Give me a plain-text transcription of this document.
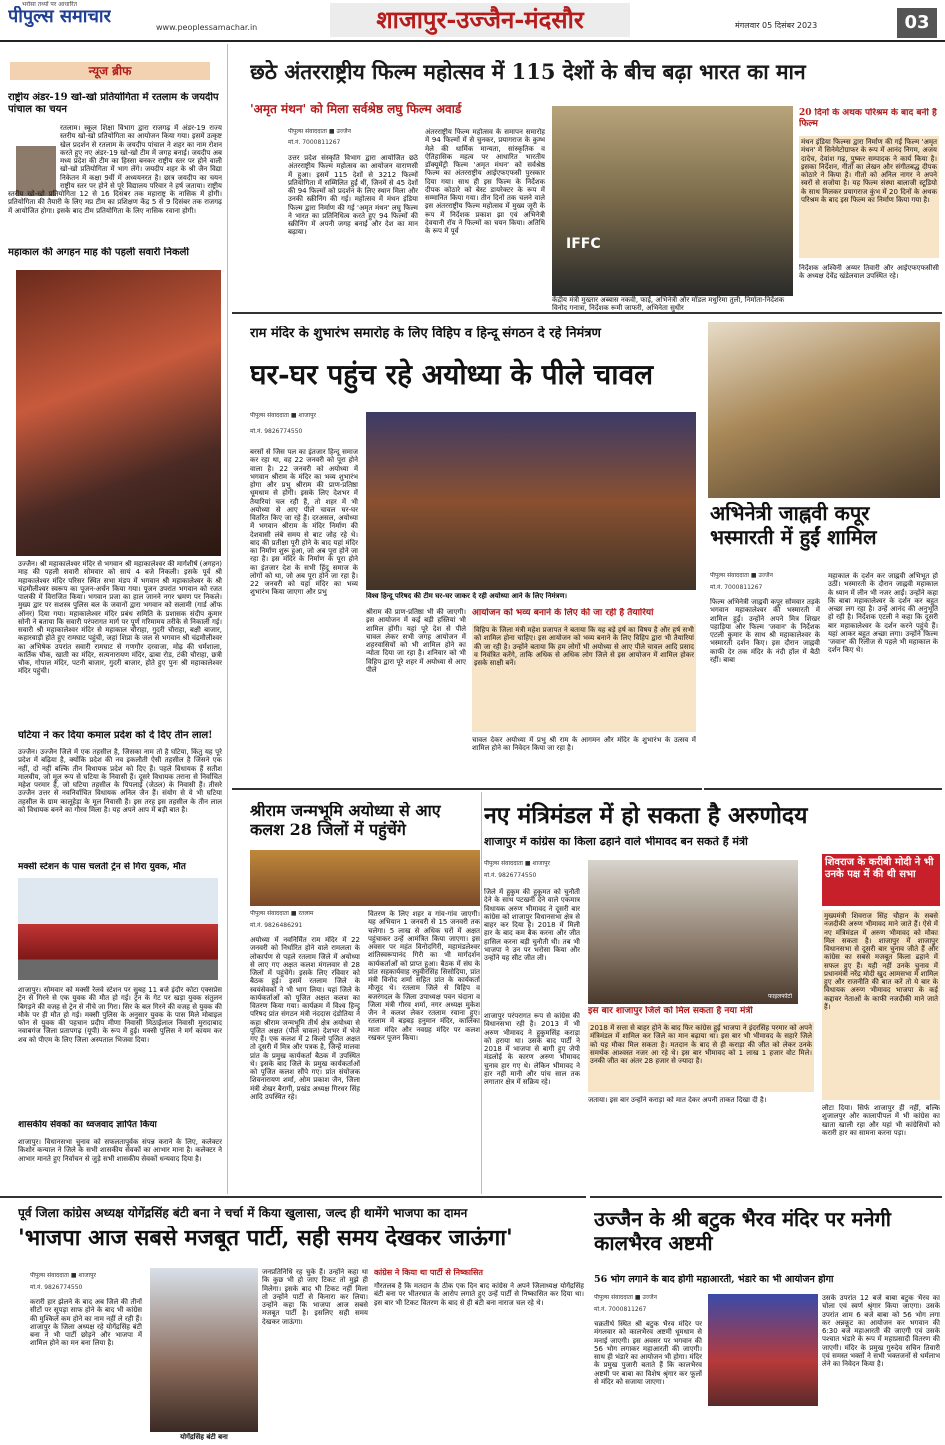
भरोसा तथ्यों पर आधारित
पीपुल्स समाचार
www.peoplessamachar.in	शाजापुर-उज्जैन-मंदसौर	मंगलवार 05 दिसंबर 2023	03
न्यूज ब्रीफ
राष्ट्रीय अंडर-19 खो-खो प्रतियोगिता में रतलाम के जयदीप पांचाल का चयन
रतलाम। स्कूल शिक्षा विभाग द्वारा राजगढ़ में अंडर-19 राज्य स्तरीय खो-खो प्रतियोगिता का आयोजन किया गया। इसमें उत्कृष्ट खेल प्रदर्शन से रतलाम के जयदीप पांचाल ने शहर का नाम रोशन करते हुए नए अंडर-19 खो-खो टीम में जगह बनाई। जयदीप अब मध्य प्रदेश की टीम का हिस्सा बनकर राष्ट्रीय स्तर पर होने वाली खो-खो प्रतियोगिता में भाग लेंगे। जयदीप शहर के श्री जैन विद्या निकेतन में कक्षा 9वीं में अध्ययनरत है। छात्र जयदीप का चयन राष्ट्रीय स्तर पर होने से पूरे विद्यालय परिवार ने हर्ष जताया। राष्ट्रीय स्तरीय खो-खो प्रतियोगिता 12 से 16 दिसंबर तक महाराष्ट्र के नासिक में होगी। प्रतियोगिता की तैयारी के लिए मप्र टीम का प्रशिक्षण केंद्र 5 से 9 दिसंबर तक राजगढ़ में आयोजित होगा। इसके बाद टीम प्रतियोगिता के लिए नासिक रवाना होगी।
महाकाल की अगहन माह की पहली सवारी निकली
उज्जैन। श्री महाकालेश्वर मंदिर से भगवान श्री महाकालेश्वर की मार्गशीर्ष (अगहन) माह की पहली सवारी सोमवार को सायं 4 बजे निकली। इसके पूर्व श्री महाकालेश्वर मंदिर परिसर स्थित सभा मंडप में भगवान श्री महाकालेश्वर के श्री चंद्रमौलीश्वर स्वरूप का पूजन-अर्चन किया गया। पूजन उपरांत भगवान को रजत पालकी में विराजित किया। भगवान प्रजा का हाल जानने नगर भ्रमण पर निकले। मुख्य द्वार पर सशस्त्र पुलिस बल के जवानों द्वारा भगवान को सलामी (गार्ड ऑफ ऑनर) दिया गया। महाकालेश्वर मंदिर प्रबंध समिति के प्रशासक संदीप कुमार सोनी ने बताया कि सवारी परंपरागत मार्ग पर पूर्ण गरिमामय तरीके से निकाली गई। सवारी श्री महाकालेश्वर मंदिर से महाकाल चौराहा, गुदरी चौराहा, बक्षी बाजार, कहारवाड़ी होते हुए रामघाट पहुंची, जहां शिप्रा के जल से भगवान श्री चंद्रमौलीश्वर का अभिषेक उपरांत सवारी रामघाट से गणगौर दरवाजा, मोढ़ की धर्मशाला, कार्तिक चौक, खाती का मंदिर, सत्यनारायण मंदिर, ढाबा रोड, टंकी चौराहा, छत्री चौक, गोपाल मंदिर, पटनी बाजार, गुदरी बाजार, होते हुए पुनः श्री महाकालेश्वर मंदिर पहुंची।
घटिया ने कर दिया कमाल प्रदेश को दे दिए तीन लाल!
उज्जैन। उज्जैन जिले में एक तहसील है, जिसका नाम तो है घटिया, किंतु यह पूरे प्रदेश में बढ़िया है, क्योंकि प्रदेश की नव इकलौती ऐसी तहसील है जिसने एक नहीं, दो नहीं बल्कि तीन विधायक प्रदेश को दिए हैं। पहले विधायक हैं सतीश मालवीय, जो मूल रूप से घटिया के निवासी हैं। दूसरे विधायक तराना से निर्वाचित महेश परमार हैं, जो घटिया तहसील के पिपलाई (जेठल) के निवासी हैं। तीसरे उज्जैन उत्तर से नवनिर्वाचित विधायक अनिल जैन हैं। संयोग से ये भी घटिया तहसील के ग्राम कालूहेड़ा के मूल निवासी हैं। इस तरह इस तहसील के तीन लाल को विधायक बनने का गौरव मिला है। यह अपने आप में बड़ी बात है।
मक्सी स्टेशन के पास चलती ट्रेन से गिरा युवक, मौत
शाजापुर। सोमवार को मक्सी रेलवे स्टेशन पर सुबह 11 बजे इंदौर कोटा एक्सप्रेस ट्रेन से गिरने से एक युवक की मौत हो गई। ट्रेन के गेट पर खड़ा युवक संतुलन बिगड़ने की वजह से ट्रेन से नीचे जा गिरा। सिर के बल गिरने की वजह से युवक की मौके पर ही मौत हो गई। मक्सी पुलिस के अनुसार युवक के पास मिले मोबाइल फोन से युवक की पहचान प्रदीप मीणा निवासी मिठाईलाल निवासी मुरादाबाद नवाबगंज जिला प्रतापगढ़ (यूपी) के रूप में हुई। मक्सी पुलिस ने मर्ग कायम कर शव को पीएम के लिए जिला अस्पताल भिजवा दिया।
शासकीय सेवकों का ध्वजवाद ज्ञापित किया
शाजापुर। विधानसभा चुनाव को सफलतापूर्वक संपन्न कराने के लिए, कलेक्टर किशोर कन्याल ने जिले के सभी शासकीय सेवकों का आभार माना है। कलेक्टर ने आभार मानते हुए निर्वाचन से जुड़े सभी शासकीय सेवकों धन्यवाद दिया है।
छठे अंतरराष्ट्रीय फिल्म महोत्सव में 115 देशों के बीच बढ़ा भारत का मान
'अमृत मंथन' को मिला सर्वश्रेष्ठ लघु फिल्म अवार्ड
पीपुल्स संवाददाता ■ उज्जैन
मो.नं. 7000811267
उत्तर प्रदेश संस्कृति विभाग द्वारा आयोजित छठे अंतरराष्ट्रीय फिल्म महोत्सव का आयोजन वाराणसी में हुआ। इसमें 115 देशों से 3212 फिल्मों प्रतियोगिता में सम्मिलित हुईं थीं, जिनमें से 45 देशों की 94 फिल्मों को प्रदर्शन के लिए स्थान मिला और उनकी स्क्रीनिंग की गई। महोत्सव में मंथन इंडिया फिल्म द्वारा निर्माण की गई 'अमृत मंथन' लघु फिल्म ने भारत का प्रतिनिधित्व करते हुए 94 फिल्मों की स्क्रीनिंग में अपनी जगह बनाई और देश का मान बढ़ाया।
अंतरराष्ट्रीय फिल्म महोत्सव के समापन समारोह में 94 फिल्मों में से चुनकर, प्रयागराज के कुम्भ मेले की धार्मिक मान्यता, सांस्कृतिक व ऐतिहासिक महत्व पर आधारित भारतीय डॉक्यूमेंट्री फिल्म 'अमृत मंथन' को सर्वश्रेष्ठ फिल्म का अंतरराष्ट्रीय आईएफएफसी पुरस्कार दिया गया। साथ ही इस फिल्म के निर्देशक दीपक कोठारे को बेस्ट डायरेक्टर के रूप में सम्मानित किया गया। तीन दिनों तक चलने वाले इस अंतरराष्ट्रीय फिल्म महोत्सव में मुख्य जूरी के रूप में निर्देशक प्रकाश झा एवं अभिनेत्री देवयानी रॉय ने फिल्मों का चयन किया। अतिथि के रूप में पूर्व
IFFC
केंद्रीय मंत्री मुख्तार अब्बास नकवी, फाईं, अभिनेत्री और मॉडल मधुरिमा तुली, निर्माता-निर्देशक विनोद गनात्रा, निर्देशक रूमी जाफरी, अभिनेता सुधीर
20 दिनों के अथक परिश्रम के बाद बनी है फिल्म
मंथन इंडिया फिल्म्स द्वारा निर्माण की गई फिल्म 'अमृत मंथन' में सिनेमेटोग्राफर के रूप में आनंद निगम, अजय दादेच, देवांश गढ़, पुष्कर सम्पादक ने कार्य किया है। इसका निर्देशन, गीतों का लेखन और संगीतबद्ध दीपक कोठारे ने किया है। गीतों को अनिल नागर ने अपने स्वरों से सजोया है। यह फिल्म संस्था बालाजी स्टूडियो के साथ मिलकर प्रयागराज कुंभ में 20 दिनों के अथक परिश्रम के बाद इस फिल्म का निर्माण किया गया है।
निर्देशक अश्विनी अय्यर तिवारी और आईएफएफसीसी के अध्यक्ष देवेंद्र खंडेलवाल उपस्थित रहे।
राम मंदिर के शुभारंभ समारोह के लिए विहिप व हिन्दू संगठन दे रहे निमंत्रण
घर-घर पहुंच रहे अयोध्या के पीले चावल
पीपुल्स संवाददाता ■ शाजापुर
मो.नं. 9826774550
बरसों से जिस पल का इंतजार हिन्दू समाज कर रहा था, वह 22 जनवरी को पूरा होने वाला है। 22 जनवरी को अयोध्या में भगवान श्रीराम के मंदिर का भव्य शुभारंभ होगा और प्रभु श्रीराम की प्राण-प्रतिष्ठा धूमधाम से होगी। इसके लिए देशभर में तैयारियां चल रही हैं, तो शहर में भी अयोध्या से आए पीले चावल घर-घर वितरित किए जा रहे हैं। दरअसल, अयोध्या में भगवान श्रीराम के मंदिर निर्माण की देशवासी लंबे समय से बाट जोह रहे थे। बाद की प्रतीक्षा पूरी होने के बाद यहां मंदिर का निर्माण शुरू हुआ, जो अब पूरा होने जा रहा है। इस मंदिर के निर्माण के पूरा होने का इंतजार देश के सभी हिंदू समाज के लोगों को था, जो अब पूरा होने जा रहा है। 22 जनवरी को यहां मंदिर का भव्य शुभारंभ किया जाएगा और प्रभु	विश्व हिन्दू परिषद की टीम घर-घर जाकर दे रही अयोध्या आने के लिए निमंत्रण।
श्रीराम की प्राण-प्रतिष्ठा भी की जाएगी। इस आयोजन में कई बड़ी हस्तियां भी शामिल होंगी। यहां पूरे देश से पीले चावल लेकर सभी जगह आयोजन में शहरवासियों को भी शामिल होने का न्योता दिया जा रहा है। शनिवार को भी विहिप द्वारा पूरे शहर में अयोध्या से आए पीले
आयोजन को भव्य बनाने के लिए की जा रही है तैयारियां
विहिप के जिला मंत्री महेश प्रजापत ने बताया कि यह बड़े हर्ष का विषय है और हर्ष सभी को शामिल होना चाहिए। इस आयोजन को भव्य बनाने के लिए विहिप द्वारा भी तैयारियां की जा रही है। उन्होंने बताया कि हम लोगों भी अयोध्या से आए पीले चावल आदि प्रसाद व निवंत्रित करेंगे, ताकि अधिक से अधिक लोग जिले से इस आयोजन में शामिल होकर इसके साक्षी बनें।
चावल देकर अयोध्या में प्रभु श्री राम के आगमन और मंदिर के शुभारंभ के उत्सव में शामिल होने का निवेदन किया जा रहा है।
अभिनेत्री जाह्नवी कपूर भस्मारती में हुईं शामिल
पीपुल्स संवाददाता ■ उज्जैन
मो.नं. 7000811267
फिल्म अभिनेत्री जाह्नवी कपूर सोमवार तड़के भगवान महाकालेश्वर की भस्मारती में शामिल हुईं। उन्होंने अपने मित्र शिखर पहाड़िया और फिल्म 'जवान' के निर्देशक एटली कुमार के साथ श्री महाकालेश्वर के भस्मारती दर्शन किए। इस दौरान जाह्नवी काफी देर तक मंदिर के नंदी हॉल में बैठी रहीं। बाबा
महाकाल के दर्शन कर जाह्नवी अभिभूत हो उठीं। भस्मारती के दौरान जाह्नवी महाकाल के ध्यान में लीन भी नजर आईं। उन्होंने कहा कि बाबा महाकालेश्वर के दर्शन कर बहुत अच्छा लग रहा है। उन्हें आनंद की अनुभूति हो रही है। निर्देशक एटली ने कहा कि दूसरी बार महाकालेश्वर के दर्शन करने पहुंचे हैं। यहां आकर बहुत अच्छा लगा। उन्होंने फिल्म 'जवान' की रिलीज से पहले भी महाकाल के दर्शन किए थे।
श्रीराम जन्मभूमि अयोध्या से आए कलश 28 जिलों में पहुंचेंगे
पीपुल्स संवाददाता ■ रतलाम
मो.नं. 9826486291
अयोध्या में नवनिर्मित राम मंदिर में 22 जनवरी को निर्धारित होने वाले रामलला के लोकार्पण से पहले रतलाम जिले में अयोध्या से लाए गए अक्षत कलश मंगलवार से 28 जिलों में पहुंचेंगे। इसके लिए रविवार को बैठक हुई। इसमें रतलाम जिले के स्वयंसेवकों ने भी भाग लिया। यहां जिले के कार्यकर्ताओं को पूजित अक्षत कलश का वितरण किया गया। कार्यक्रम में विश्व हिन्दू परिषद प्रांत संगठन मंत्री नंददास दंडोतिया ने कहा श्रीराम जन्मभूमि तीर्थ क्षेत्र अयोध्या से पूजित अक्षत (पीले चावल) देशभर में भेजे गए हैं। एक कलश में 2 किलो पूजित अक्षत तो दूसरी में मित्र और पत्रक है, जिन्हें मालवा प्रांत के प्रमुख कार्यकर्ता बैठक में उपस्थित थे। इसके बाद जिले के प्रमुख कार्यकर्ताओं को पूजित कलश सौंपे गए। प्रांत संयोजक शिवनारायण शर्मा, ओम प्रकाश जैन, जिला मंत्री शेखर बैरागी, प्रखंड अध्यक्ष गिरधर सिंह आदि उपस्थित रहे।
वितरण के लिए शहर व गांव-गांव जाएगी। यह अभियान 1 जनवरी से 15 जनवरी तक चलेगा। 5 लाख से अधिक घरों में अक्षत पहुंचाकर उन्हें आमंत्रित किया जाएगा। इस अवसर पर महंत विनोदगिरी, महामंडलेश्वर शांतिस्वरूपानंद गिरी का भी मार्गदर्शन कार्यकर्ताओं को प्राप्त हुआ। बैठक में संघ के प्रांत सहकार्यवाह रघुवीरसिंह सिसोदिया, प्रांत मंत्री विनोद शर्मा सहित प्रांत के कार्यकर्ता मौजूद थे। रतलाम जिले से विहिप व बजरंगदल के जिला उपाध्यक्ष पवन चंदाना व जिला मंत्री गौरव शर्मा, नगर अध्यक्ष मुकेश जैन ने कलश लेकर रतलाम रवाना हुए। रतलाम में बड़बड़ हनुमान मंदिर, कालिका माता मंदिर और नवग्रह मंदिर पर कलश रखकर पूजन किया।
नए मंत्रिमंडल में हो सकता है अरुणोदय
शाजापुर में कांग्रेस का किला ढहाने वाले भीमावद बन सकते हैं मंत्री
पीपुल्स संवाददाता ■ शाजापुर
मो.नं. 9826774550
जिले में हुकुम की हुकूमत को चुनौती देने के साथ पटखनी देने वाले एकमात्र विधायक अरुण भीमावद ने दूसरी बार कांग्रेस को शाजापुर विधानसभा क्षेत्र से बाहर कर दिया है। 2018 में मिली हार के बाद कम बैक करना और जीत हासिल करना बड़ी चुनौती थी। तब भी भाजपा ने उन पर भरोसा किया और उन्होंने यह सीट जीत ली।
फाइलफोटो
शिवराज के करीबी मोदी ने भी उनके पक्ष में की थी सभा
मुख्यमंत्री शिवराज सिंह चौहान के सबसे नजदीकी अरुण भीमावद माने जाते हैं। ऐसे में नए मंत्रिमंडल में अरुण भीमावद को मौका मिल सकता है। शाजापुर में शाजापुर विधानसभा से दूसरी बार चुनाव जीते हैं और कांग्रेस का सबसे मजबूत किला ढहाने में सफल हुए हैं। यही नहीं उनके चुनाव में प्रधानमंत्री नरेंद्र मोदी खुद आमसभा में शामिल हुए और राजनीति की बात करें तो ये बार के विधायक अरुण भीमावद भाजपा के कई कद्दावर नेताओं के काफी नजदीकी माने जाते हैं।
इस बार शाजापुर जिले को मिल सकता है नया मंत्री
2018 में सत्ता से बाहर होने के बाद फिर कांग्रेस हुई भाजपा ने इंदरसिंह परमार को अपने मंत्रिमंडल में शामिल कर जिले का मान बढ़ाया था। इस बार भी भीमावद के सहारे जिले को यह मौका मिल सकता है। मतदान के बाद से ही कराड़ा की जीत को लेकर उनके समर्थक आश्वस्त नजर आ रहे थे। इस बार भीमावद को 1 लाख 1 हजार वोट मिले। उनकी जीत का अंतर 28 हजार से ज्यादा है।
शाजापुर परंपरागत रूप से कांग्रेस की विधानसभा रही है। 2013 में भी अरुण भीमावद ने हुकुमसिंह कराड़ा को हराया था। उसके बाद पार्टी ने 2018 में भाजपा से बागी हुए जेपी मंडलोई के कारण अरुण भीमावद चुनाव हार गए थे। लेकिन भीमावद ने हार नहीं मानी और पांच साल तक लगातार क्षेत्र में सक्रिय रहे।
जताया। इस बार उन्होंने कराड़ा को मात देकर अपनी ताकत दिखा दी है।
लौटा दिया। सिर्फ शाजापुर ही नहीं, बल्कि शुजालपुर और कालापीपल में भी कांग्रेस का खाता खाली रहा और यहां भी कांग्रेसियों को करारी हार का सामना करना पड़ा।
पूर्व जिला कांग्रेस अध्यक्ष योगेंद्रसिंह बंटी बना ने चर्चा में किया खुलासा, जल्द ही थामेंगे भाजपा का दामन
'भाजपा आज सबसे मजबूत पार्टी, सही समय देखकर जाऊंगा'
पीपुल्स संवाददाता ■ शाजापुर
मो.नं. 9826774550
करारी हार झेलने के बाद अब जिले की तीनों सीटों पर सूपड़ा साफ होने के बाद भी कांग्रेस की मुश्किलें कम होने का नाम नहीं ले रही हैं। शाजापुर के जिला अध्यक्ष रहे योगेंद्रसिंह बंटी बना ने भी पार्टी छोड़ने और भाजपा में शामिल होने का मन बना लिया है।
योगेंद्रसिंह बंटी बना
जनप्रतिनिधि रह चुके हैं। उन्होंने कहा था कि कुछ भी हो जाए टिकट तो मुझे ही मिलेगा। इसके बाद भी टिकट नहीं मिला तो उन्होंने पार्टी से किनारा कर लिया। उन्होंने कहा कि भाजपा आज सबसे मजबूत पार्टी है। इसलिए सही समय देखकर जाऊंगा।
कांग्रेस ने किया था पार्टी से निष्कासित
गौरतलब है कि मतदान के ठीक एक दिन बाद कांग्रेस ने अपने जिलाध्यक्ष योगेंद्रसिंह बंटी बना पर भीतरघात के आरोप लगाते हुए उन्हें पार्टी से निष्कासित कर दिया था। इस बार भी टिकट वितरण के बाद से ही बंटी बना नाराज चल रहे थे।
उज्जैन के श्री बटुक भैरव मंदिर पर मनेगी कालभैरव अष्टमी
56 भोग लगाने के बाद होगी महाआरती, भंडारे का भी आयोजन होगा
पीपुल्स संवाददाता ■ उज्जैन
मो.नं. 7000811267
चक्रतीर्थ स्थित श्री बटुक भैरव मंदिर पर मंगलवार को कालभैरव अष्टमी धूमधाम से मनाई जाएगी। इस अवसर पर भगवान की 56 भोग लगाकर महाआरती की जाएगी। साथ ही भंडारे का आयोजन भी होगा। मंदिर के प्रमुख पुजारी बताते हैं कि कालभैरव अष्टमी पर बाबा का विशेष श्रृंगार कर फूलों से मंदिर को सजाया जाएगा।
उसके उपरांत 12 बजे बाबा बटुक भैरव का चोला एवं स्वर्ण श्रृंगार किया जाएगा। उसके उपरांत शाम 6 बजे बाबा को 56 भोग लगा कर अन्नकूट का आयोजन कर भगवान की 6:30 बजे महाआरती की जाएगी एवं उसके पश्चात भंडारे के रूप में महाप्रसादी वितरण की जाएगी। मंदिर के प्रमुख गुरुदेव सचिन तिवारी एवं समस्त भक्तों ने सभी भक्तजनों से धर्मलाभ लेने का निवेदन किया है।
